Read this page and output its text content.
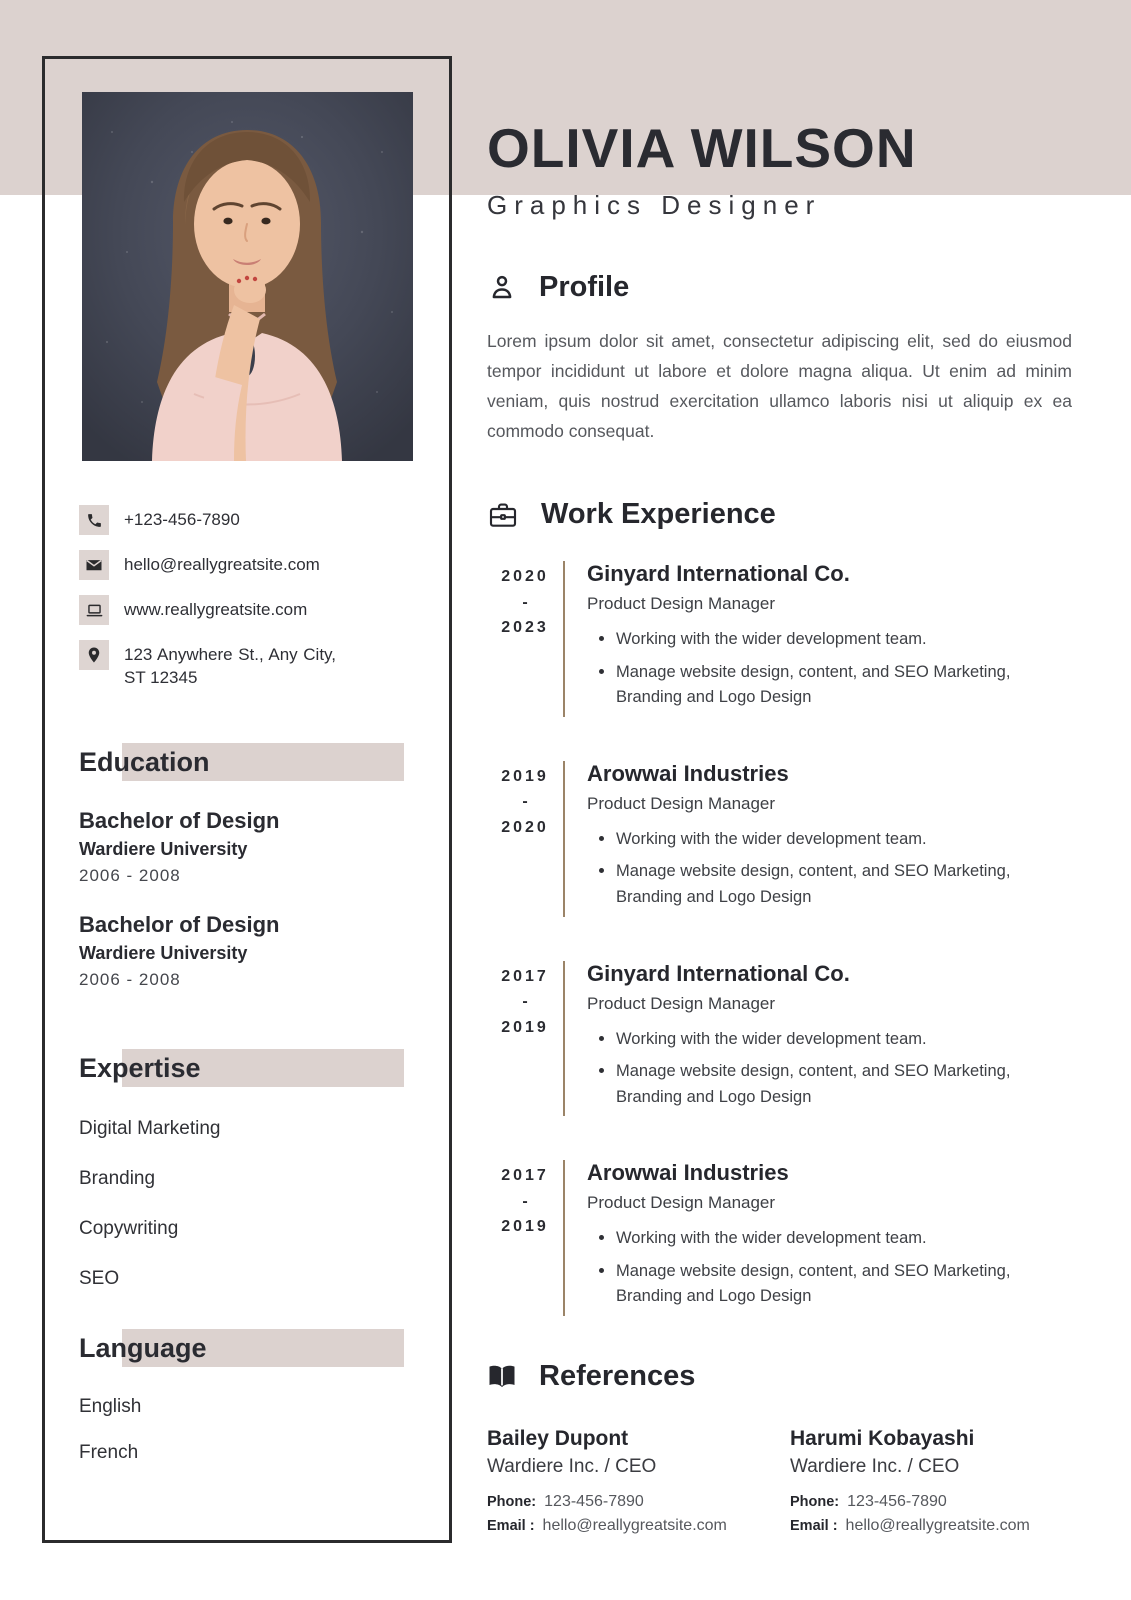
+123-456-7890
hello@reallygreatsite.com
www.reallygreatsite.com
123 Anywhere St., Any City, ST 12345
Education
Bachelor of Design
Wardiere University
2006 - 2008
Bachelor of Design
Wardiere University
2006 - 2008
Expertise
Digital Marketing
Branding
Copywriting
SEO
Language
English
French
OLIVIA WILSON
Graphics Designer
Profile

Lorem ipsum dolor sit amet, consectetur adipiscing elit, sed do eiusmod tempor incididunt ut labore et dolore magna aliqua. Ut enim ad minim veniam, quis nostrud exercitation ullamco laboris nisi ut aliquip ex ea commodo consequat.

Work Experience
2020
-
2023
Ginyard International Co.
Product Design Manager
Working with the wider development team.
Manage website design, content, and SEO Marketing, Branding and Logo Design
2019
-
2020
Arowwai Industries
Product Design Manager
Working with the wider development team.
Manage website design, content, and SEO Marketing, Branding and Logo Design
2017
-
2019
Ginyard International Co.
Product Design Manager
Working with the wider development team.
Manage website design, content, and SEO Marketing, Branding and Logo Design
2017
-
2019
Arowwai Industries
Product Design Manager
Working with the wider development team.
Manage website design, content, and SEO Marketing, Branding and Logo Design
References
Bailey Dupont
Wardiere Inc. / CEO
Phone: 123-456-7890
Email : hello@reallygreatsite.com
Harumi Kobayashi
Wardiere Inc. / CEO
Phone: 123-456-7890
Email : hello@reallygreatsite.com
